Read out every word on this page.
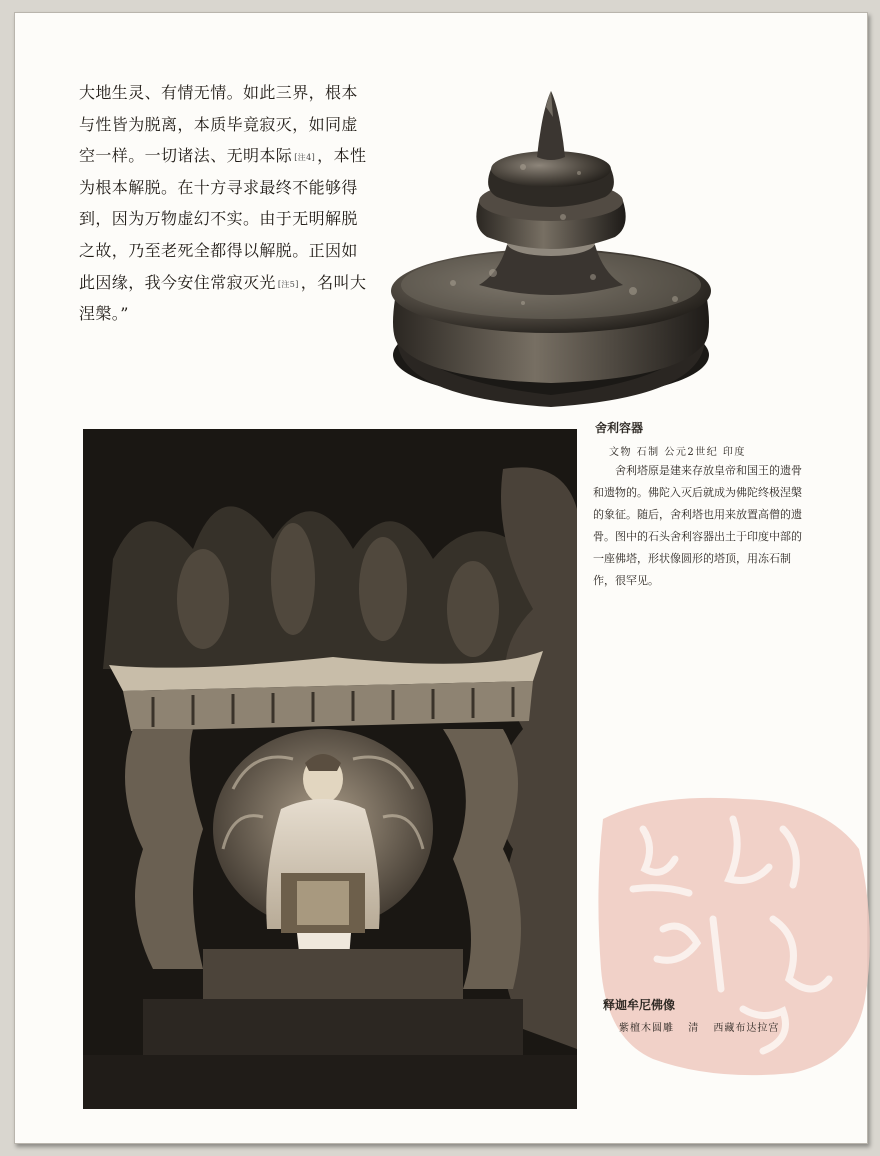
大地生灵、有情无情。如此三界，根本与性皆为脱离，本质毕竟寂灭，如同虚空一样。一切诸法、无明本际 [注4] ，本性为根本解脱。在十方寻求最终不能够得到，因为万物虚幻不实。由于无明解脱之故，乃至老死全都得以解脱。正因如此因缘，我今安住常寂灭光 [注5] ，名叫大涅槃。”

舍利容器
文物 石制 公元2世纪 印度

舍利塔原是建来存放皇帝和国王的遗骨和遗物的。佛陀入灭后就成为佛陀终极涅槃的象征。随后，舍利塔也用来放置高僧的遗骨。图中的石头舍利容器出土于印度中部的一座佛塔，形状像圆形的塔顶，用冻石制作，很罕见。

释迦牟尼佛像
紫檀木圆雕 清 西藏布达拉宫
